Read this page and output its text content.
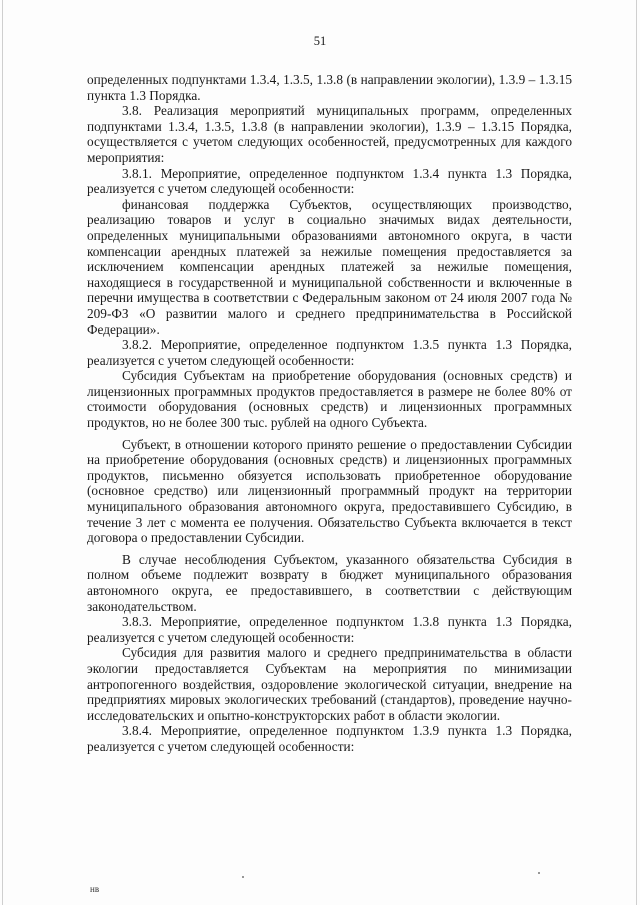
51

определенных подпунктами 1.3.4, 1.3.5, 1.3.8 (в направлении экологии), 1.3.9 – 1.3.15 пункта 1.3 Порядка.

3.8. Реализация мероприятий муниципальных программ, определенных подпунктами 1.3.4, 1.3.5, 1.3.8 (в направлении экологии), 1.3.9 – 1.3.15 Порядка, осуществляется с учетом следующих особенностей, предусмотренных для каждого мероприятия:

3.8.1. Мероприятие, определенное подпунктом 1.3.4 пункта 1.3 Порядка, реализуется с учетом следующей особенности:

финансовая поддержка Субъектов, осуществляющих производство, реализацию товаров и услуг в социально значимых видах деятельности, определенных муниципальными образованиями автономного округа, в части компенсации арендных платежей за нежилые помещения предоставляется за исключением компенсации арендных платежей за нежилые помещения, находящиеся в государственной и муниципальной собственности и включенные в перечни имущества в соответствии с Федеральным законом от 24 июля 2007 года № 209-ФЗ «О развитии малого и среднего предпринимательства в Российской Федерации».

3.8.2. Мероприятие, определенное подпунктом 1.3.5 пункта 1.3 Порядка, реализуется с учетом следующей особенности:

Субсидия Субъектам на приобретение оборудования (основных средств) и лицензионных программных продуктов предоставляется в размере не более 80% от стоимости оборудования (основных средств) и лицензионных программных продуктов, но не более 300 тыс. рублей на одного Субъекта.

Субъект, в отношении которого принято решение о предоставлении Субсидии на приобретение оборудования (основных средств) и лицензионных программных продуктов, письменно обязуется использовать приобретенное оборудование (основное средство) или лицензионный программный продукт на территории муниципального образования автономного округа, предоставившего Субсидию, в течение 3 лет с момента ее получения. Обязательство Субъекта включается в текст договора о предоставлении Субсидии.

В случае несоблюдения Субъектом, указанного обязательства Субсидия в полном объеме подлежит возврату в бюджет муниципального образования автономного округа, ее предоставившего, в соответствии с действующим законодательством.

3.8.3. Мероприятие, определенное подпунктом 1.3.8 пункта 1.3 Порядка, реализуется с учетом следующей особенности:

Субсидия для развития малого и среднего предпринимательства в области экологии предоставляется Субъектам на мероприятия по минимизации антропогенного воздействия, оздоровление экологической ситуации, внедрение на предприятиях мировых экологических требований (стандартов), проведение научно-исследовательских и опытно-конструкторских работ в области экологии.

3.8.4. Мероприятие, определенное подпунктом 1.3.9 пункта 1.3 Порядка, реализуется с учетом следующей особенности:

нв
